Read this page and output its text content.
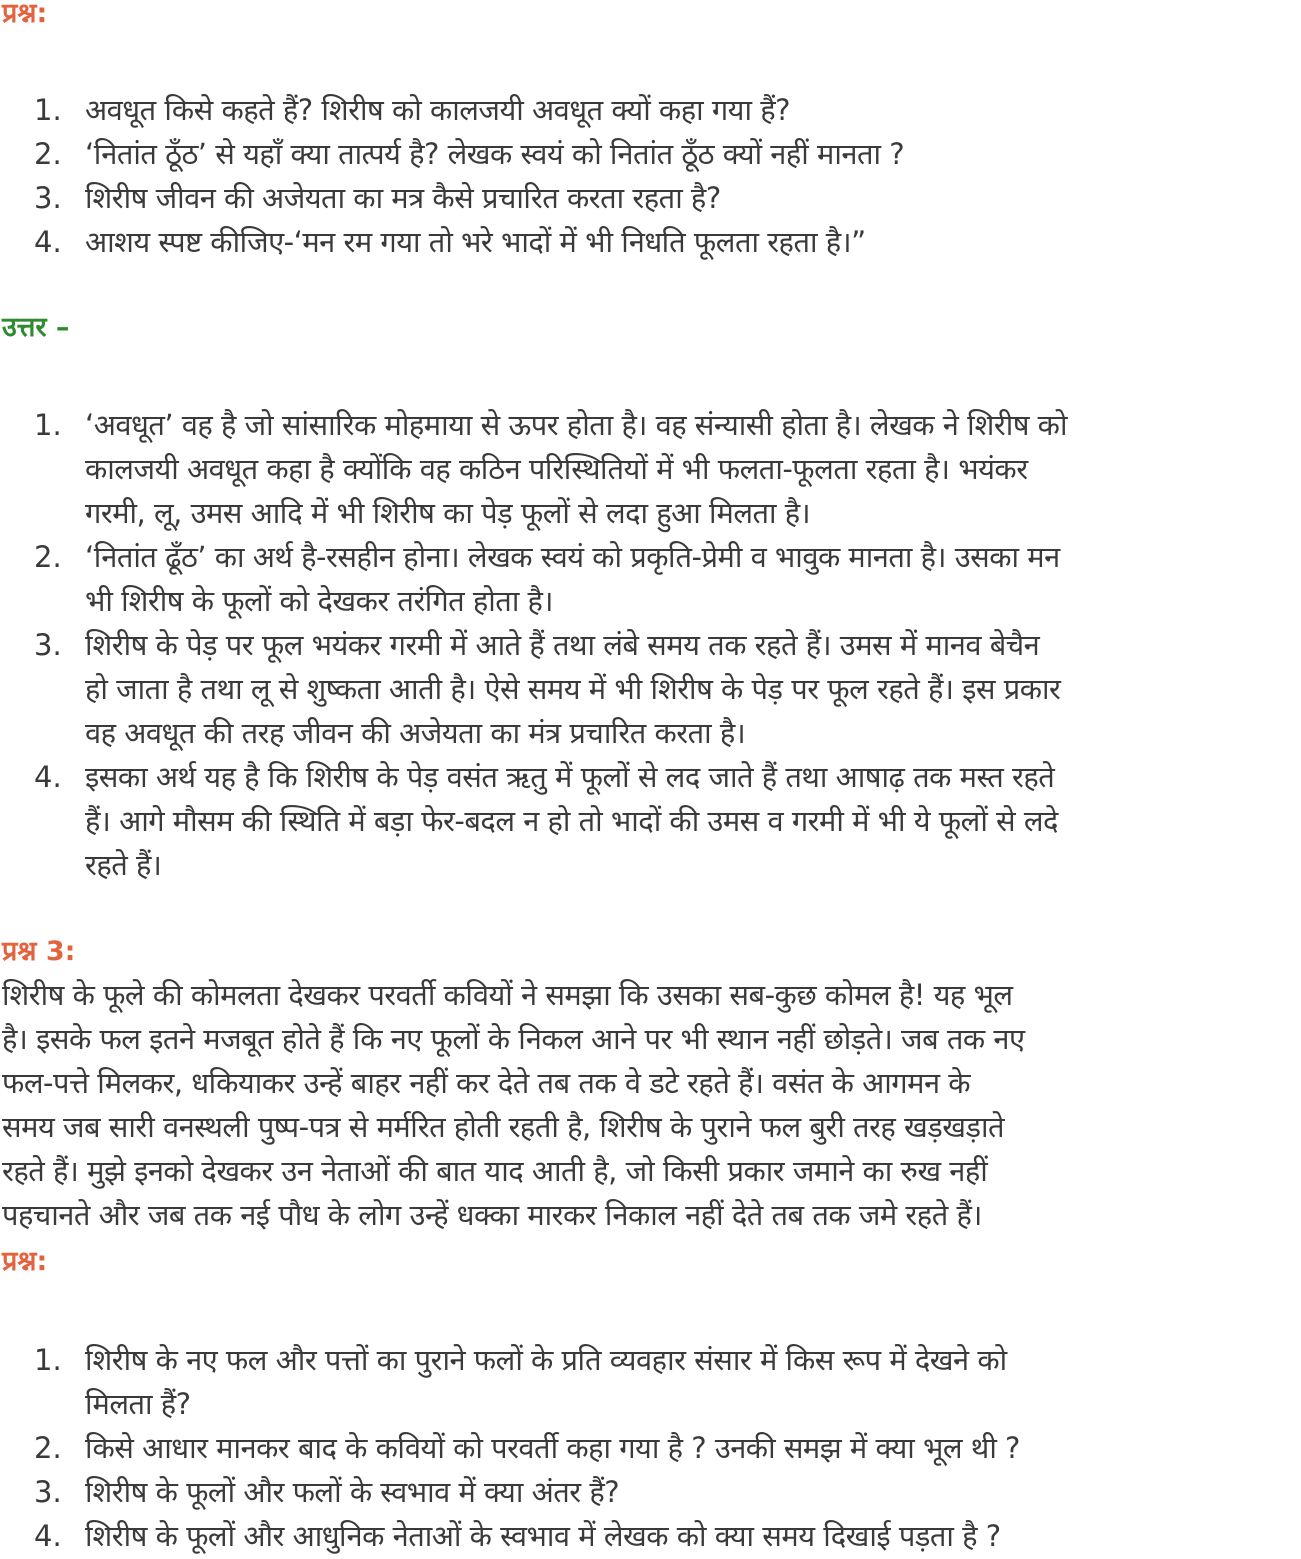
प्रश्न:
1. अवधूत किसे कहते हैं? शिरीष को कालजयी अवधूत क्यों कहा गया हैं?
2. ‘नितांत ठूँठ’ से यहाँ क्या तात्पर्य है? लेखक स्वयं को नितांत ठूँठ क्यों नहीं मानता ?
3. शिरीष जीवन की अजेयता का मत्र कैसे प्रचारित करता रहता है?
4. आशय स्पष्ट कीजिए-‘मन रम गया तो भरे भादों में भी निधति फूलता रहता है।”
उत्तर –
1. ‘अवधूत’ वह है जो सांसारिक मोहमाया से ऊपर होता है। वह संन्यासी होता है। लेखक ने शिरीष को
कालजयी अवधूत कहा है क्योंकि वह कठिन परिस्थितियों में भी फलता-फूलता रहता है। भयंकर
गरमी, लू, उमस आदि में भी शिरीष का पेड़ फूलों से लदा हुआ मिलता है।
2. ‘नितांत ढूँठ’ का अर्थ है-रसहीन होना। लेखक स्वयं को प्रकृति-प्रेमी व भावुक मानता है। उसका मन
भी शिरीष के फूलों को देखकर तरंगित होता है।
3. शिरीष के पेड़ पर फूल भयंकर गरमी में आते हैं तथा लंबे समय तक रहते हैं। उमस में मानव बेचैन
हो जाता है तथा लू से शुष्कता आती है। ऐसे समय में भी शिरीष के पेड़ पर फूल रहते हैं। इस प्रकार
वह अवधूत की तरह जीवन की अजेयता का मंत्र प्रचारित करता है।
4. इसका अर्थ यह है कि शिरीष के पेड़ वसंत ऋतु में फूलों से लद जाते हैं तथा आषाढ़ तक मस्त रहते
हैं। आगे मौसम की स्थिति में बड़ा फेर-बदल न हो तो भादों की उमस व गरमी में भी ये फूलों से लदे
रहते हैं।
प्रश्न 3:
शिरीष के फूले की कोमलता देखकर परवर्ती कवियों ने समझा कि उसका सब-कुछ कोमल है! यह भूल
है। इसके फल इतने मजबूत होते हैं कि नए फूलों के निकल आने पर भी स्थान नहीं छोड़ते। जब तक नए
फल-पत्ते मिलकर, धकियाकर उन्हें बाहर नहीं कर देते तब तक वे डटे रहते हैं। वसंत के आगमन के
समय जब सारी वनस्थली पुष्प-पत्र से मर्मरित होती रहती है, शिरीष के पुराने फल बुरी तरह खड़खड़ाते
रहते हैं। मुझे इनको देखकर उन नेताओं की बात याद आती है, जो किसी प्रकार जमाने का रुख नहीं
पहचानते और जब तक नई पौध के लोग उन्हें धक्का मारकर निकाल नहीं देते तब तक जमे रहते हैं।
प्रश्न:
1. शिरीष के नए फल और पत्तों का पुराने फलों के प्रति व्यवहार संसार में किस रूप में देखने को
मिलता हैं?
2. किसे आधार मानकर बाद के कवियों को परवर्ती कहा गया है ? उनकी समझ में क्या भूल थी ?
3. शिरीष के फूलों और फलों के स्वभाव में क्या अंतर हैं?
4. शिरीष के फूलों और आधुनिक नेताओं के स्वभाव में लेखक को क्या समय दिखाई पड़ता है ?
